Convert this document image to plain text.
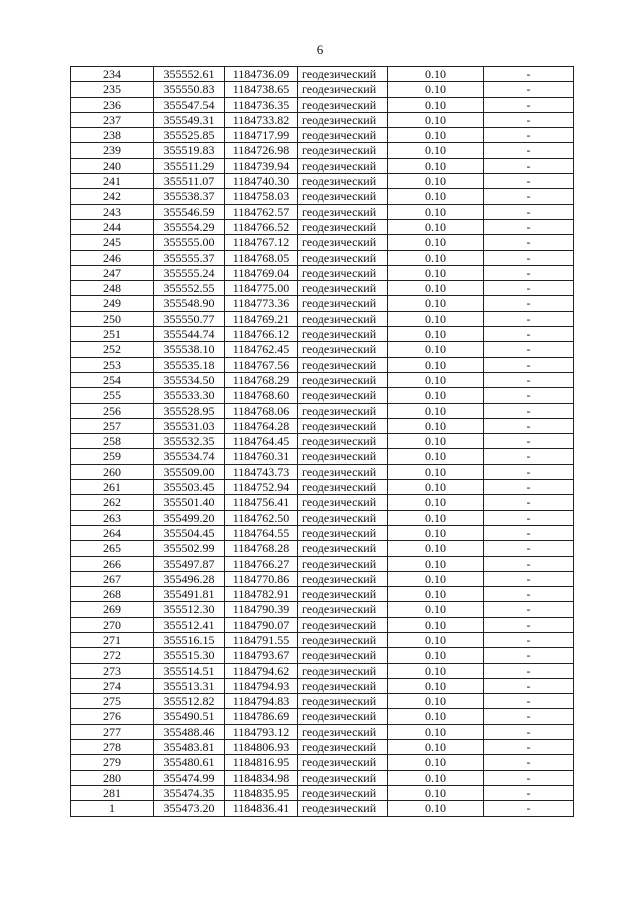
6
234	355552.61	1184736.09	геодезический	0.10	-
235	355550.83	1184738.65	геодезический	0.10	-
236	355547.54	1184736.35	геодезический	0.10	-
237	355549.31	1184733.82	геодезический	0.10	-
238	355525.85	1184717.99	геодезический	0.10	-
239	355519.83	1184726.98	геодезический	0.10	-
240	355511.29	1184739.94	геодезический	0.10	-
241	355511.07	1184740.30	геодезический	0.10	-
242	355538.37	1184758.03	геодезический	0.10	-
243	355546.59	1184762.57	геодезический	0.10	-
244	355554.29	1184766.52	геодезический	0.10	-
245	355555.00	1184767.12	геодезический	0.10	-
246	355555.37	1184768.05	геодезический	0.10	-
247	355555.24	1184769.04	геодезический	0.10	-
248	355552.55	1184775.00	геодезический	0.10	-
249	355548.90	1184773.36	геодезический	0.10	-
250	355550.77	1184769.21	геодезический	0.10	-
251	355544.74	1184766.12	геодезический	0.10	-
252	355538.10	1184762.45	геодезический	0.10	-
253	355535.18	1184767.56	геодезический	0.10	-
254	355534.50	1184768.29	геодезический	0.10	-
255	355533.30	1184768.60	геодезический	0.10	-
256	355528.95	1184768.06	геодезический	0.10	-
257	355531.03	1184764.28	геодезический	0.10	-
258	355532.35	1184764.45	геодезический	0.10	-
259	355534.74	1184760.31	геодезический	0.10	-
260	355509.00	1184743.73	геодезический	0.10	-
261	355503.45	1184752.94	геодезический	0.10	-
262	355501.40	1184756.41	геодезический	0.10	-
263	355499.20	1184762.50	геодезический	0.10	-
264	355504.45	1184764.55	геодезический	0.10	-
265	355502.99	1184768.28	геодезический	0.10	-
266	355497.87	1184766.27	геодезический	0.10	-
267	355496.28	1184770.86	геодезический	0.10	-
268	355491.81	1184782.91	геодезический	0.10	-
269	355512.30	1184790.39	геодезический	0.10	-
270	355512.41	1184790.07	геодезический	0.10	-
271	355516.15	1184791.55	геодезический	0.10	-
272	355515.30	1184793.67	геодезический	0.10	-
273	355514.51	1184794.62	геодезический	0.10	-
274	355513.31	1184794.93	геодезический	0.10	-
275	355512.82	1184794.83	геодезический	0.10	-
276	355490.51	1184786.69	геодезический	0.10	-
277	355488.46	1184793.12	геодезический	0.10	-
278	355483.81	1184806.93	геодезический	0.10	-
279	355480.61	1184816.95	геодезический	0.10	-
280	355474.99	1184834.98	геодезический	0.10	-
281	355474.35	1184835.95	геодезический	0.10	-
1	355473.20	1184836.41	геодезический	0.10	-
